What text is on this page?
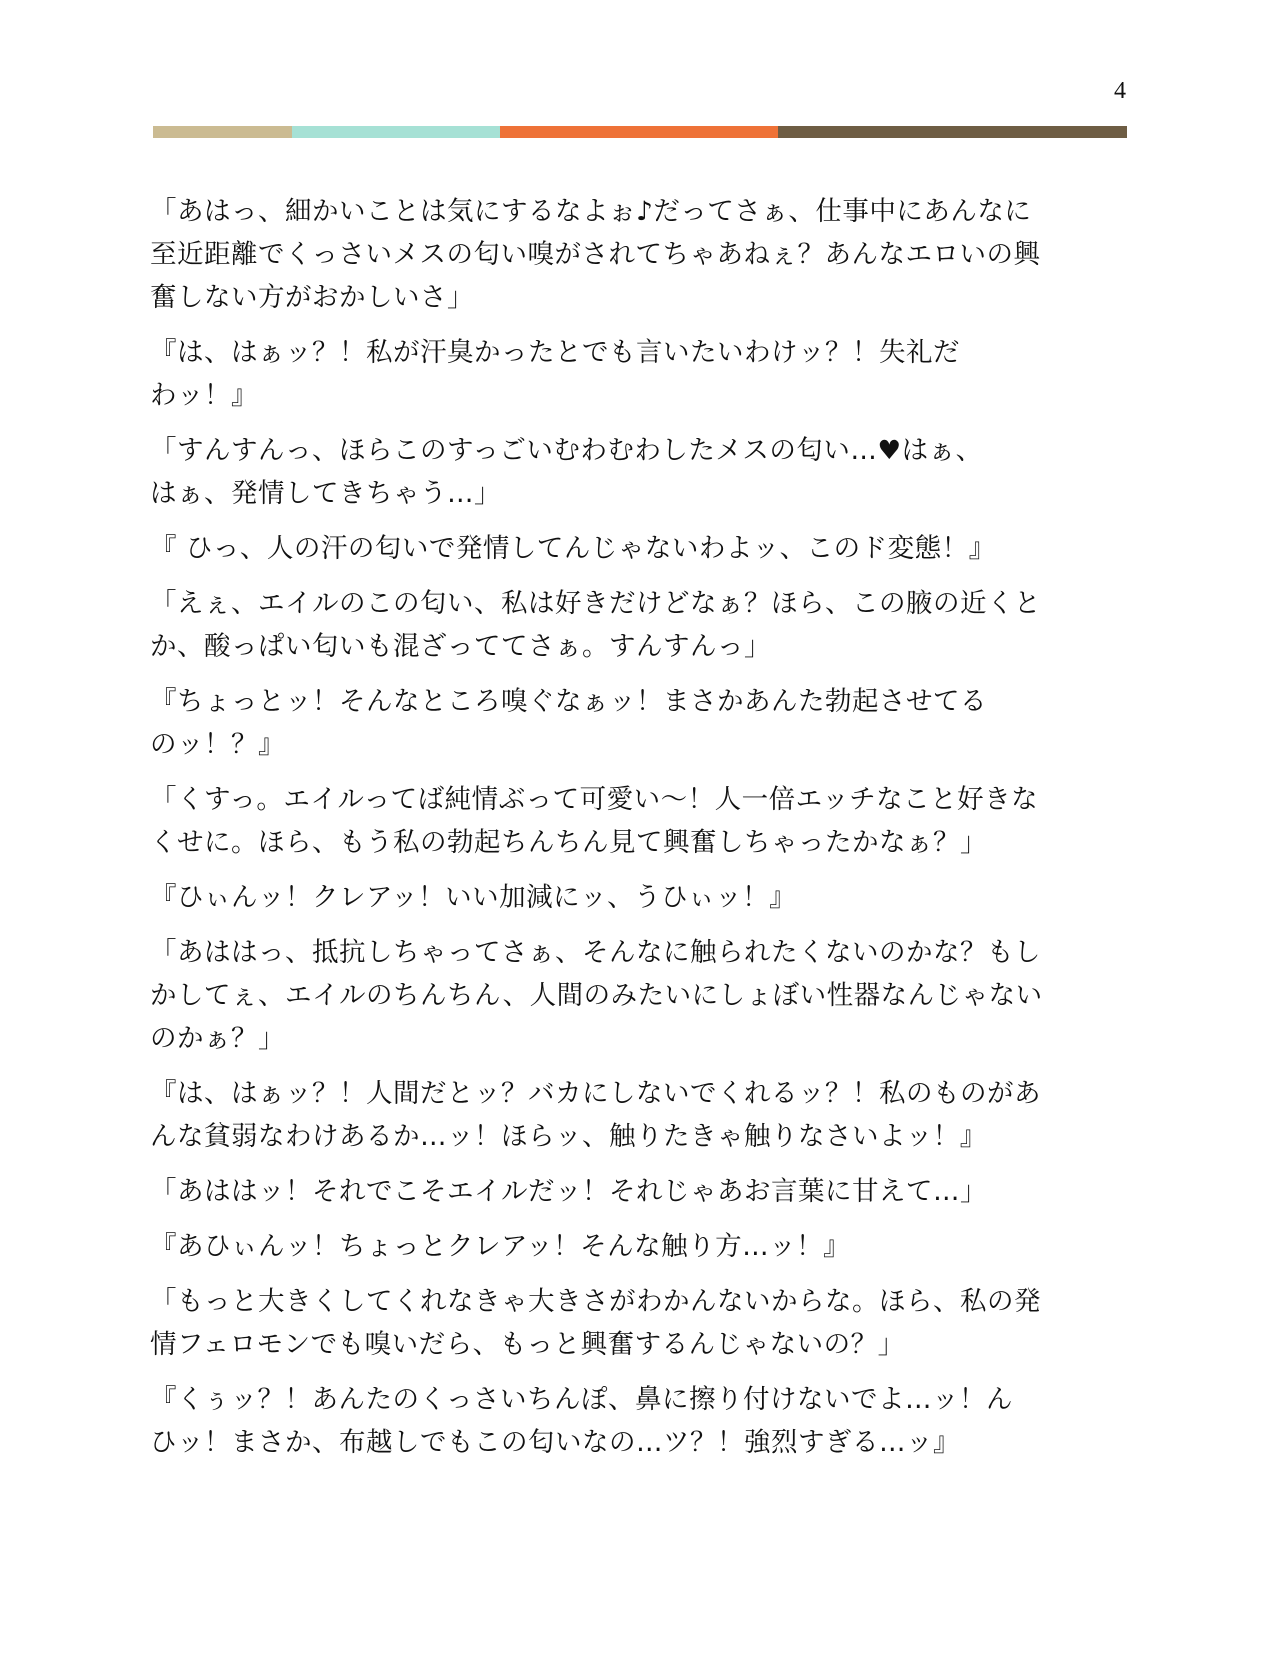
4

「あはっ、細かいことは気にするなよぉ♪だってさぁ、仕事中にあんなに
至近距離でくっさいメスの匂い嗅がされてちゃあねぇ？あんなエロいの興
奮しない方がおかしいさ」

『は、はぁッ？！私が汗臭かったとでも言いたいわけッ？！失礼だ
わッ！』

「すんすんっ、ほらこのすっごいむわむわしたメスの匂い…♥はぁ、
はぁ、発情してきちゃう…」

『 ひっ、人の汗の匂いで発情してんじゃないわよッ、このド変態！』

「えぇ、エイルのこの匂い、私は好きだけどなぁ？ほら、この腋の近くと
か、酸っぱい匂いも混ざっててさぁ。すんすんっ」

『ちょっとッ！そんなところ嗅ぐなぁッ！まさかあんた勃起させてる
のッ！？』

「くすっ。エイルってば純情ぶって可愛い〜！人一倍エッチなこと好きな
くせに。ほら、もう私の勃起ちんちん見て興奮しちゃったかなぁ？」

『ひぃんッ！クレアッ！いい加減にッ、うひぃッ！』

「あははっ、抵抗しちゃってさぁ、そんなに触られたくないのかな？もし
かしてぇ、エイルのちんちん、人間のみたいにしょぼい性器なんじゃない
のかぁ？」

『は、はぁッ？！人間だとッ？バカにしないでくれるッ？！私のものがあ
んな貧弱なわけあるか…ッ！ほらッ、触りたきゃ触りなさいよッ！』

「あははッ！それでこそエイルだッ！それじゃあお言葉に甘えて…」

『あひぃんッ！ちょっとクレアッ！そんな触り方…ッ！』

「もっと大きくしてくれなきゃ大きさがわかんないからな。ほら、私の発
情フェロモンでも嗅いだら、もっと興奮するんじゃないの？」

『くぅッ？！あんたのくっさいちんぽ、鼻に擦り付けないでよ…ッ！ん
ひッ！まさか、布越しでもこの匂いなの…ツ？！強烈すぎる…ッ』
